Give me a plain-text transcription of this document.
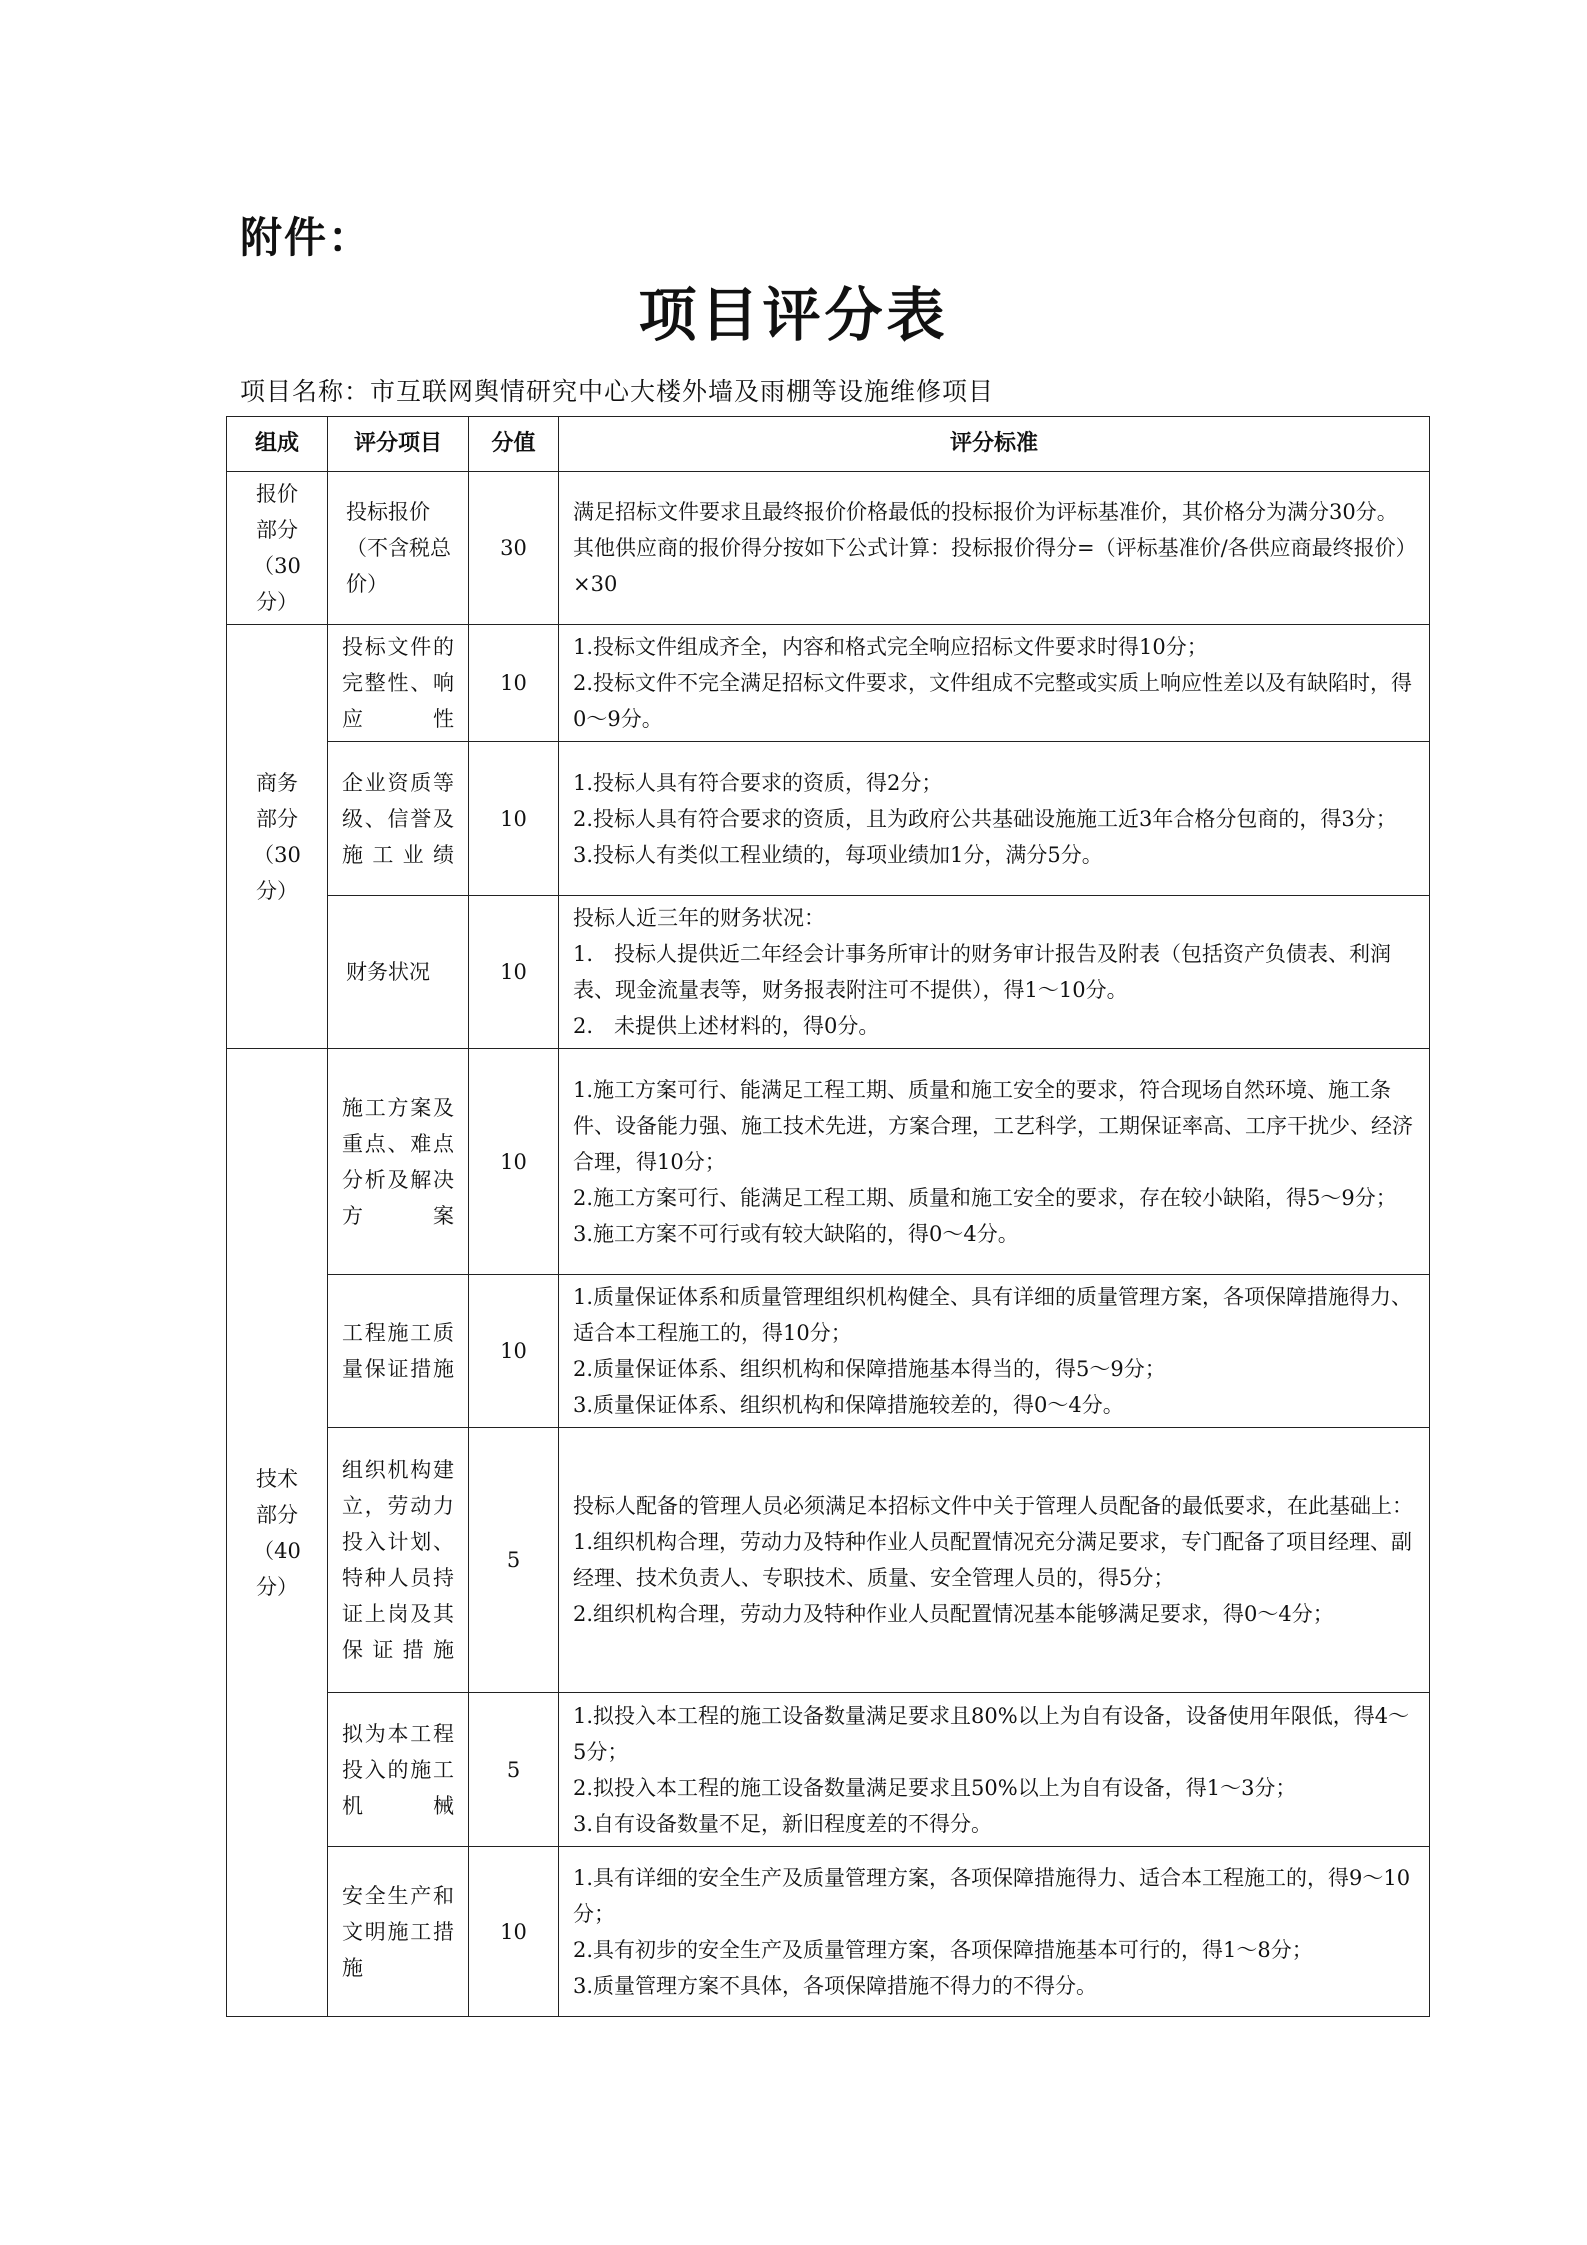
附件：
项目评分表
项目名称：市互联网舆情研究中心大楼外墙及雨棚等设施维修项目
组成	评分项目	分值	评分标准
报价部分（30分）	投标报价（不含税总价）	30	满足招标文件要求且最终报价价格最低的投标报价为评标基准价，其价格分为满分30分。
其他供应商的报价得分按如下公式计算：投标报价得分=（评标基准价/各供应商最终报价）×30

商务部分（30分）	投标文件的完整性、响应性	10	1.投标文件组成齐全，内容和格式完全响应招标文件要求时得10分；
2.投标文件不完全满足招标文件要求，文件组成不完整或实质上响应性差以及有缺陷时，得0～9分。

	企业资质等级、信誉及施工业绩	10	1.投标人具有符合要求的资质，得2分；
2.投标人具有符合要求的资质，且为政府公共基础设施施工近3年合格分包商的，得3分；
3.投标人有类似工程业绩的，每项业绩加1分，满分5分。

	财务状况	10	投标人近三年的财务状况：
1.　投标人提供近二年经会计事务所审计的财务审计报告及附表（包括资产负债表、利润表、现金流量表等，财务报表附注可不提供），得1～10分。
2.　未提供上述材料的，得0分。

技术部分（40分）	施工方案及重点、难点分析及解决方案	10	1.施工方案可行、能满足工程工期、质量和施工安全的要求，符合现场自然环境、施工条件、设备能力强、施工技术先进，方案合理，工艺科学，工期保证率高、工序干扰少、经济合理，得10分；
2.施工方案可行、能满足工程工期、质量和施工安全的要求，存在较小缺陷，得5～9分；
3.施工方案不可行或有较大缺陷的，得0～4分。

	工程施工质量保证措施	10	1.质量保证体系和质量管理组织机构健全、具有详细的质量管理方案，各项保障措施得力、适合本工程施工的，得10分；
2.质量保证体系、组织机构和保障措施基本得当的，得5～9分；
3.质量保证体系、组织机构和保障措施较差的，得0～4分。

	组织机构建立，劳动力投入计划、特种人员持证上岗及其保证措施	5	投标人配备的管理人员必须满足本招标文件中关于管理人员配备的最低要求，在此基础上：
1.组织机构合理，劳动力及特种作业人员配置情况充分满足要求，专门配备了项目经理、副经理、技术负责人、专职技术、质量、安全管理人员的，得5分；
2.组织机构合理，劳动力及特种作业人员配置情况基本能够满足要求，得0～4分；

	拟为本工程投入的施工机械	5	1.拟投入本工程的施工设备数量满足要求且80%以上为自有设备，设备使用年限低，得4～5分；
2.拟投入本工程的施工设备数量满足要求且50%以上为自有设备，得1～3分；
3.自有设备数量不足，新旧程度差的不得分。

	安全生产和文明施工措施	10	1.具有详细的安全生产及质量管理方案，各项保障措施得力、适合本工程施工的，得9～10分；
2.具有初步的安全生产及质量管理方案，各项保障措施基本可行的，得1～8分；
3.质量管理方案不具体，各项保障措施不得力的不得分。
